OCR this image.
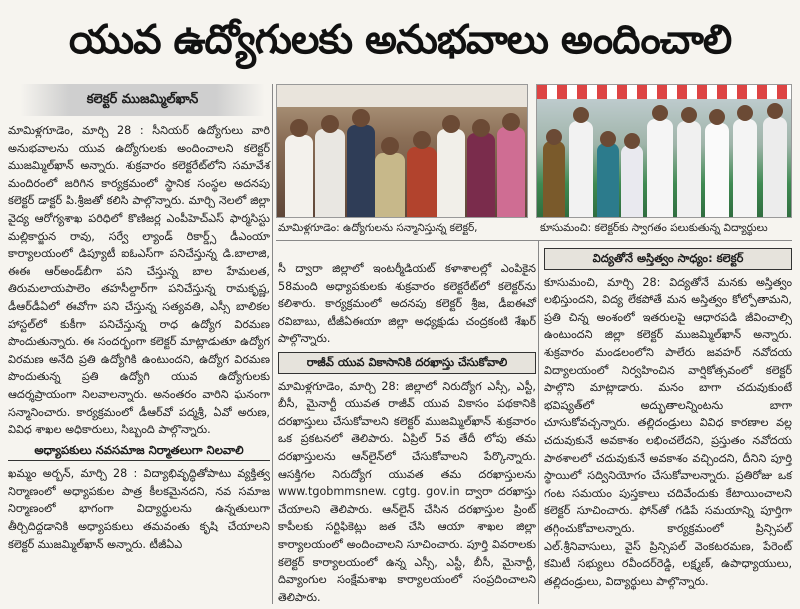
యువ ఉద్యోగులకు అనుభవాలు అందించాలి
కలెక్టర్ ముజమ్మిల్‌ఖాన్

మామిళ్లగూడెం, మార్చి 28 : సీనియర్ ఉద్యోగులు వారి అనుభవాలను యువ ఉద్యోగులకు అందించాలని కలెక్టర్ ముజమ్మిల్‌ఖాన్ అన్నారు. శుక్రవారం కలెక్టరేట్‌లోని సమావేశ మందిరంలో జరిగిన కార్యక్రమంలో స్థానిక సంస్థల అదనపు కలెక్టర్ డాక్టర్ పి.శ్రీజతో కలిసి పాల్గొన్నారు. మార్చి నెలలో జిల్లా వైద్య ఆరోగ్యశాఖ పరిధిలో కొణిజర్ల ఎంపీహెచ్ఎస్ ఫార్మసిస్టు మల్లికార్జున రావు, సర్వే ల్యాండ్ రికార్డ్స్ డీఎంయా కార్యాలయంలో డిప్యూటీ ఐఓఎస్‌గా పనిచేస్తున్న డి.బాలాజి, ఈఈ ఆర్‌అండ్‌బీగా పని చేస్తున్న బాల హేమలత, తిరుమలాయపాలెం తహసీల్దార్‌గా పనిచేస్తున్న రామకృష్ణ, డీఆర్‌డీఏలో ఈవోగా పని చేస్తున్న సత్యవతి, ఎస్సీ బాలికల హాస్టల్‌లో కుకీగా పనిచేస్తున్న రాధ ఉద్యోగ విరమణ పొందుతున్నారు. ఈ సందర్భంగా కలెక్టర్ మాట్లాడుతూ ఉద్యోగ విరమణ అనేది ప్రతి ఉద్యోగికి ఉంటుందని, ఉద్యోగ విరమణ పొందుతున్న ప్రతి ఉద్యోగి యువ ఉద్యోగులకు ఆదర్శప్రాయంగా నిలవాలన్నారు. అనంతరం వారిని ఘనంగా సన్మానించారు. కార్యక్రమంలో డీఆర్‌వో పద్మశ్రీ, ఏవో అరుణ, వివిధ శాఖల అధికారులు, సిబ్బంది పాల్గొన్నారు.

అధ్యాపకులు నవసమాజ నిర్మాతలుగా నిలవాలి

ఖమ్మం అర్బన్, మార్చి 28 : విద్యాభివృద్ధితోపాటు వ్యక్తిత్వ నిర్మాణంలో అధ్యాపకుల పాత్ర కీలకమైనదని, నవ సమాజ నిర్మాణంలో భాగంగా విద్యార్థులను ఉన్నతులుగా తీర్చిదిద్దడానికి అధ్యాపకులు తమవంతు కృషి చేయాలని కలెక్టర్ ముజమ్మిల్‌ఖాన్ అన్నారు. టీజీఏఎ

మామిళ్లగూడెం: ఉద్యోగులను సన్మానిస్తున్న కలెక్టర్,	కూసుమంచి: కలెక్టర్‌కు స్వాగతం పలుకుతున్న విద్యార్థులు

సీ ద్వారా జిల్లాలో ఇంటర్మీడియట్ కళాశాలల్లో ఎంపికైన 58మంది అధ్యాపకులకు శుక్రవారం కలెక్టరేట్‌లో కలెక్టర్‌ను కలిశారు. కార్యక్రమంలో అదనపు కలెక్టర్ శ్రీజ, డీఐఈవో రవిబాబు, టీజీఏఈయా జిల్లా అధ్యక్షుడు చంద్రకంటి శేఖర్ పాల్గొన్నారు.

రాజీవ్ యువ వికాసానికి దరఖాస్తు చేసుకోవాలి

మామిళ్లగూడెం, మార్చి 28: జిల్లాలో నిరుద్యోగ ఎస్సీ, ఎస్టీ, బీసీ, మైనార్టీ యువత రాజీవ్ యువ వికాసం పథకానికి దరఖాస్తులు చేసుకోవాలని కలెక్టర్ ముజమ్మిల్‌ఖాన్ శుక్రవారం ఒక ప్రకటనలో తెలిపారు. ఏప్రిల్ 5వ తేదీ లోపు తమ దరఖాస్తులను ఆన్‌లైన్‌లో చేసుకోవాలని పేర్కొన్నారు. ఆసక్తిగల నిరుద్యోగ యువత తమ దరఖాస్తులను www.tgobmmsnew. cgtg. gov.in ద్వారా దరఖాస్తు చేయాలని తెలిపారు. ఆన్‌లైన్ చేసిన దరఖాస్తుల ప్రింట్ కాపీలకు సర్టిఫికెట్లు జత చేసి ఆయా శాఖల జిల్లా కార్యాలయంలో అందించాలని సూచించారు. పూర్తి వివరాలకు కలెక్టర్ కార్యాలయంలో ఉన్న ఎస్సీ, ఎస్టీ, బీసీ, మైనార్టీ, దివ్యాంగుల సంక్షేమశాఖ కార్యాలయంలో సంప్రదించాలని తెలిపారు.

విద్యతోనే అస్తిత్వం సాధ్యం: కలెక్టర్

కూసుమంచి, మార్చి 28: విద్యతోనే మనకు అస్తిత్వం లభిస్తుందని, విద్య లేకపోతే మన అస్తిత్వం కోల్పోతామని, ప్రతి చిన్న అంశంలో ఇతరులపై ఆధారపడి జీవించాల్సి ఉంటుందని జిల్లా కలెక్టర్ ముజమ్మిల్‌ఖాన్ అన్నారు. శుక్రవారం మండలంలోని పాలేరు జవహర్ నవోదయ విద్యాలయంలో నిర్వహించిన వార్షికోత్సవంలో కలెక్టర్ పాల్గొని మాట్లాడారు. మనం బాగా చదువుకుంటే భవిష్యత్‌లో అద్భుతాలన్నింటను బాగా చూసుకోవచ్చన్నారు. తల్లిదండ్రులు వివిధ కారణాల వల్ల చదువుకునే అవకాశం లభించలేదని, ప్రస్తుతం నవోదయ పాఠశాలలో చదువుకునే అవకాశం వచ్చిందని, దీనిని పూర్తి స్థాయిలో సద్వినియోగం చేసుకోవాలన్నారు. ప్రతిరోజు ఒక గంట సమయం పుస్తకాలు చదివేందుకు కేటాయించాలని కలెక్టర్ సూచించారు. ఫోన్‌తో గడిపే సమయాన్ని పూర్తిగా తగ్గించుకోవాలన్నారు. కార్యక్రమంలో ప్రిన్సిపల్ ఎల్.శ్రీనివాసులు, వైస్ ప్రిన్సిపల్ వెంకటరమణ, పేరెంట్ కమిటీ సభ్యులు రవీందర్‌రెడ్డి, లక్ష్మణ్, ఉపాధ్యాయులు, తల్లిదండ్రులు, విద్యార్థులు పాల్గొన్నారు.
